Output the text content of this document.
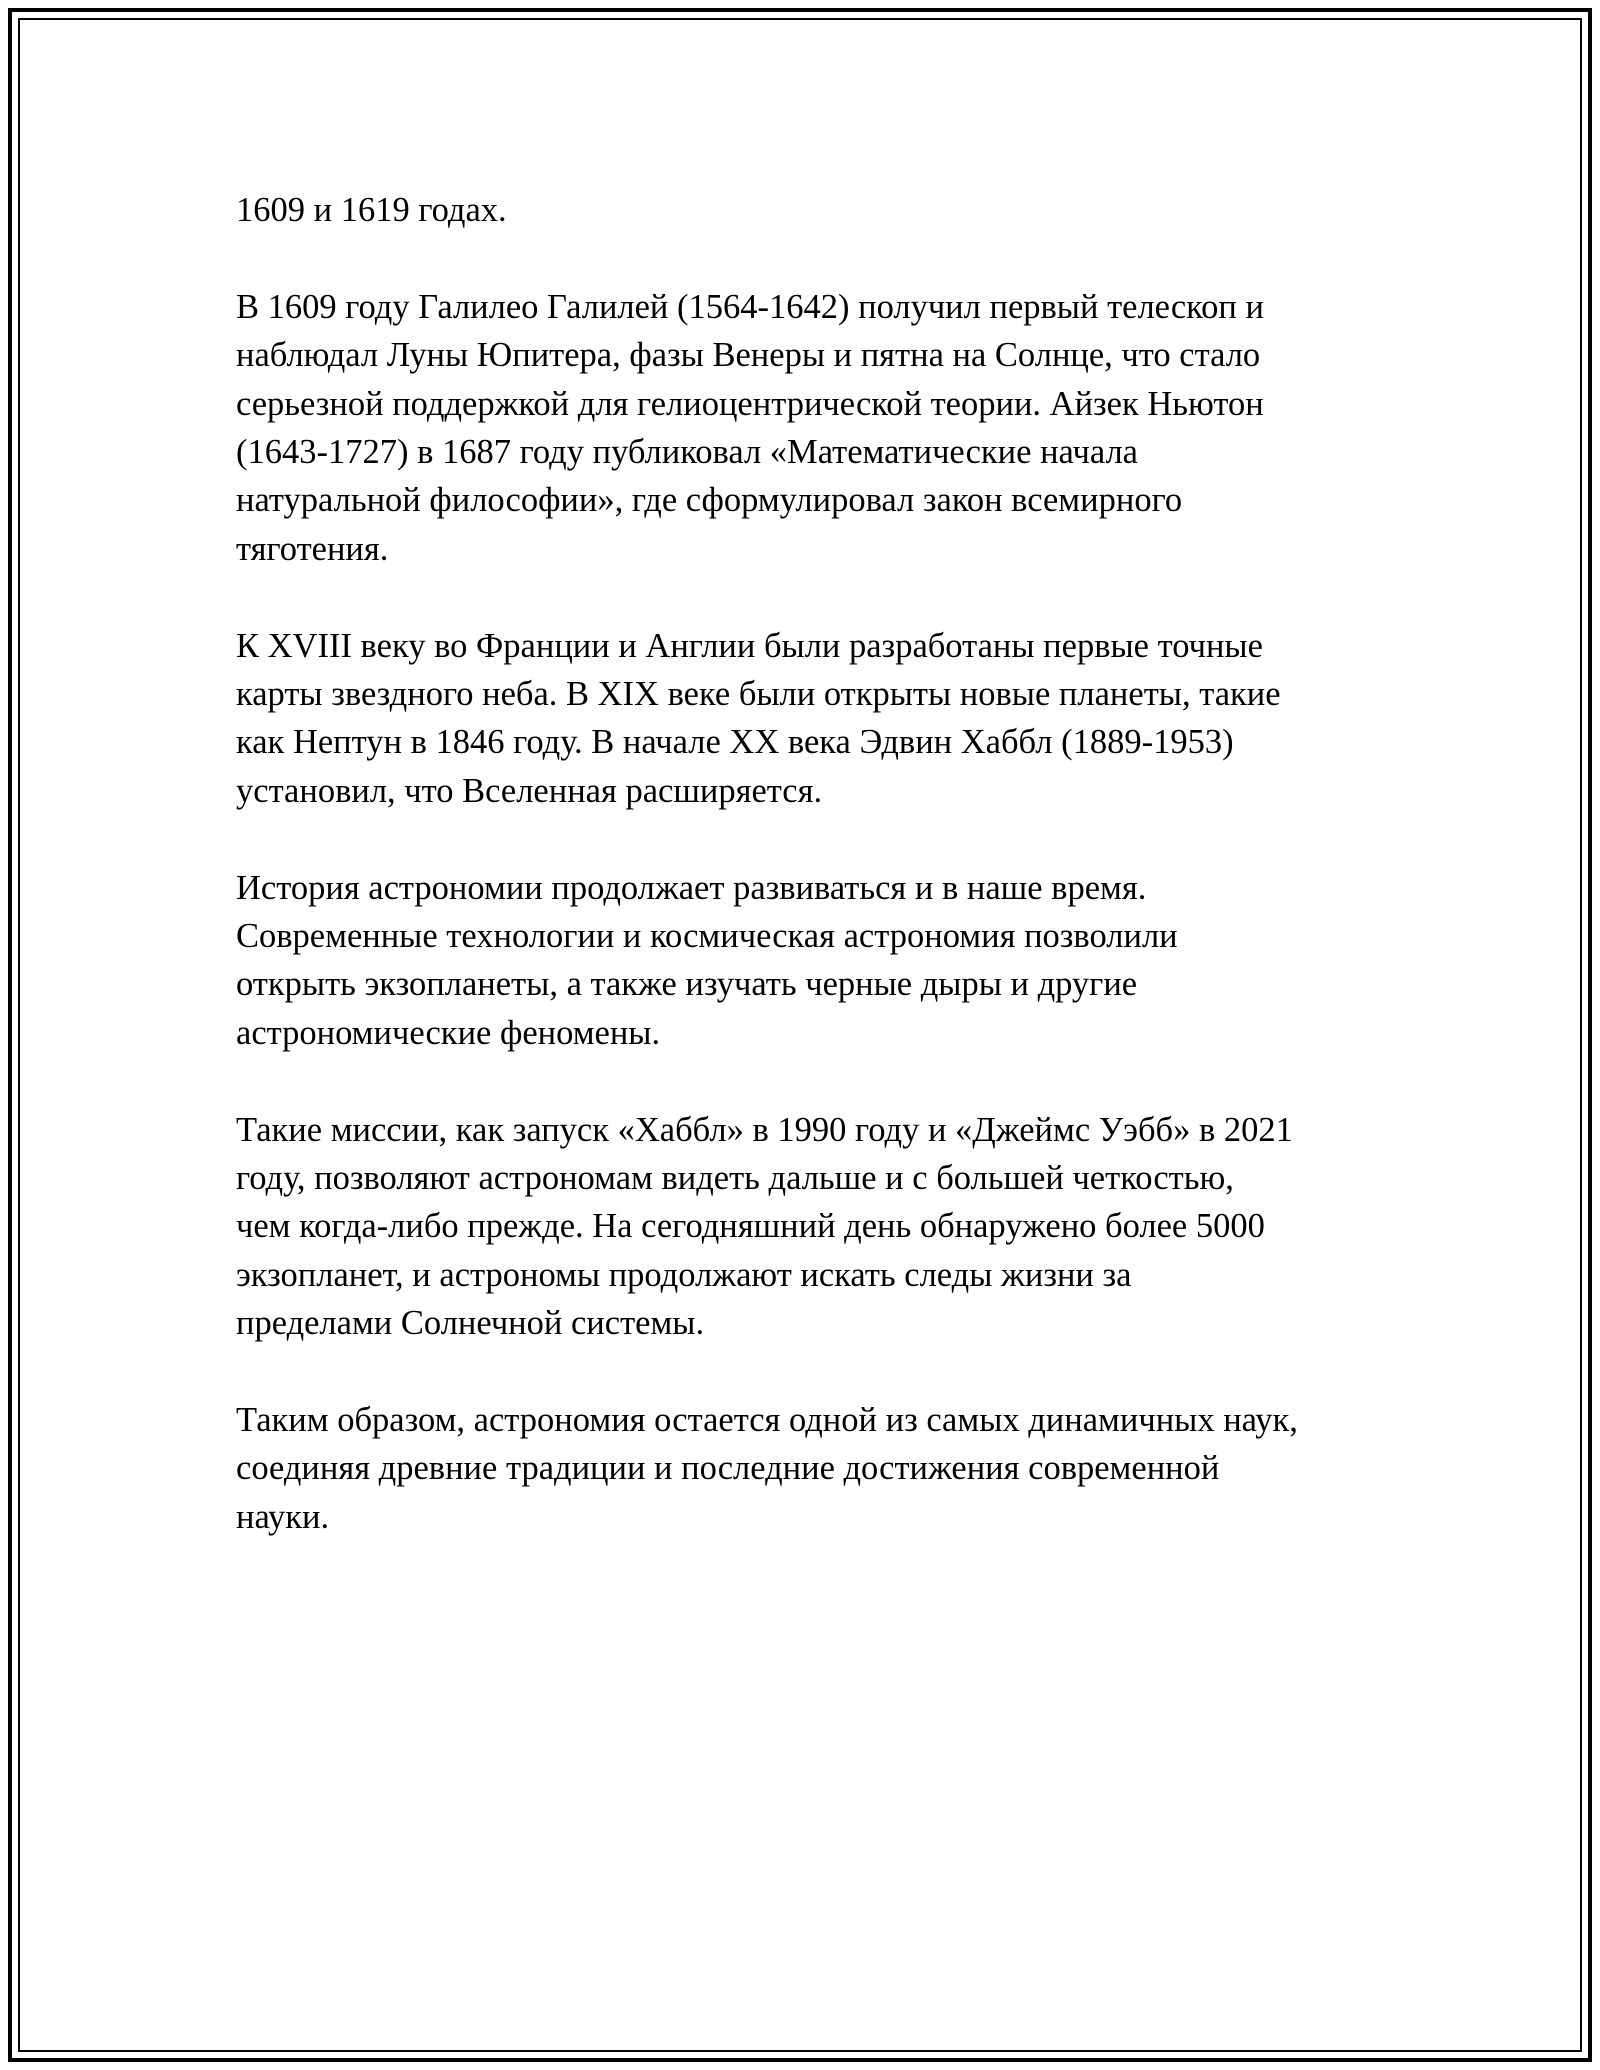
1609 и 1619 годах.

В 1609 году Галилео Галилей (1564-1642) получил первый телескоп и
наблюдал Луны Юпитера, фазы Венеры и пятна на Солнце, что стало
серьезной поддержкой для гелиоцентрической теории. Айзек Ньютон
(1643-1727) в 1687 году публиковал «Математические начала
натуральной философии», где сформулировал закон всемирного
тяготения.

К XVIII веку во Франции и Англии были разработаны первые точные
карты звездного неба. В XIX веке были открыты новые планеты, такие
как Нептун в 1846 году. В начале XX века Эдвин Хаббл (1889-1953)
установил, что Вселенная расширяется.

История астрономии продолжает развиваться и в наше время.
Современные технологии и космическая астрономия позволили
открыть экзопланеты, а также изучать черные дыры и другие
астрономические феномены.

Такие миссии, как запуск «Хаббл» в 1990 году и «Джеймс Уэбб» в 2021
году, позволяют астрономам видеть дальше и с большей четкостью,
чем когда-либо прежде. На сегодняшний день обнаружено более 5000
экзопланет, и астрономы продолжают искать следы жизни за
пределами Солнечной системы.

Таким образом, астрономия остается одной из самых динамичных наук,
соединяя древние традиции и последние достижения современной
науки.
